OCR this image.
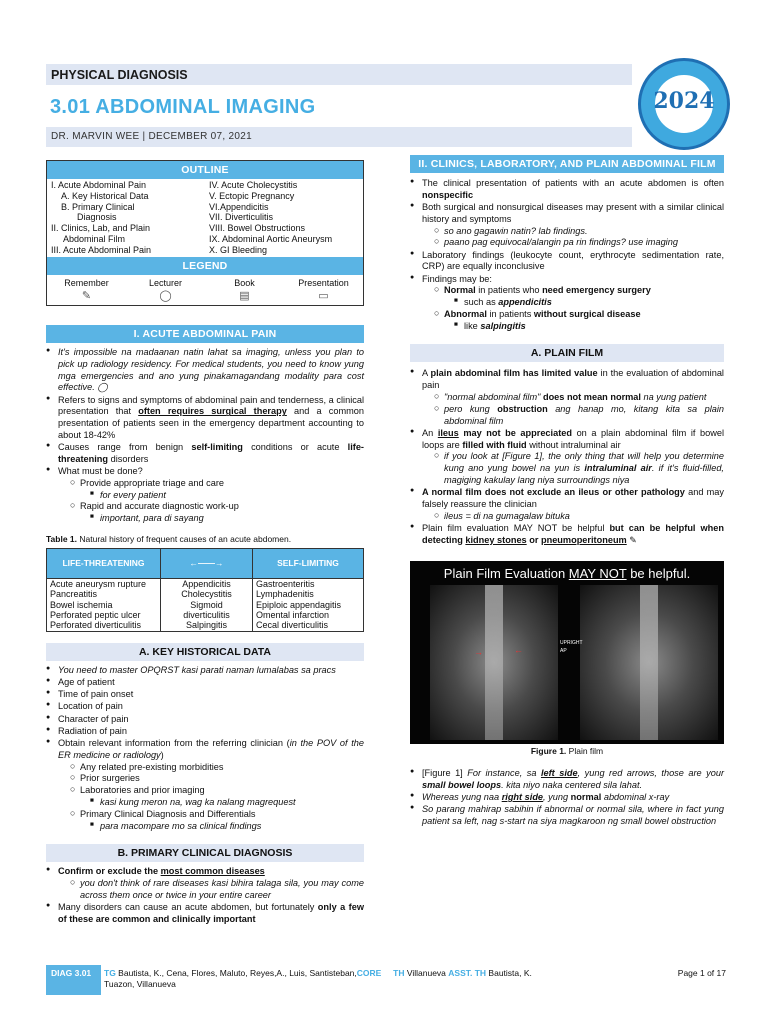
PHYSICAL DIAGNOSIS
3.01 ABDOMINAL IMAGING
DR. MARVIN WEE | DECEMBER 07, 2021
2024
OUTLINE
I. Acute Abdominal Pain
A. Key Historical Data
B. Primary Clinical
Diagnosis
II. Clinics, Lab, and Plain
Abdominal Film
III. Acute Abdominal Pain
IV. Acute Cholecystitis
V. Ectopic Pregnancy
VI.Appendicitis
VII. Diverticulitis
VIII. Bowel Obstructions
IX. Abdominal Aortic Aneurysm
X. GI Bleeding
LEGEND
Remember
✎
Lecturer
◯
Book
▤
Presentation
▭
I. ACUTE ABDOMINAL PAIN
● It's impossible na madaanan natin lahat sa imaging, unless you plan to pick up radiology residency. For medical students, you need to know yung mga emergencies and ano yung pinakamagandang modality para cost effective. ◯
● Refers to signs and symptoms of abdominal pain and tenderness, a clinical presentation that often requires surgical therapy and a common presentation of patients seen in the emergency department accounting to about 18-42%
● Causes range from benign self-limiting conditions or acute life-threatening disorders
● What must be done?
○ Provide appropriate triage and care
■ for every patient
○ Rapid and accurate diagnostic work-up
■ important, para di sayang
Table 1. Natural history of frequent causes of an acute abdomen.
LIFE-THREATENING	←——→	SELF-LIMITING
Acute aneurysm rupture	Appendicitis	Gastroenteritis
Pancreatitis	Cholecystitis	Lymphadenitis
Bowel ischemia	Sigmoid	Epiploic appendagitis
Perforated peptic ulcer	diverticulitis	Omental infarction
Perforated diverticulitis	Salpingitis	Cecal diverticulitis
A. KEY HISTORICAL DATA
● You need to master OPQRST kasi parati naman lumalabas sa pracs
● Age of patient
● Time of pain onset
● Location of pain
● Character of pain
● Radiation of pain
● Obtain relevant information from the referring clinician (in the POV of the ER medicine or radiology)
○ Any related pre-existing morbidities
○ Prior surgeries
○ Laboratories and prior imaging
■ kasi kung meron na, wag ka nalang magrequest
○ Primary Clinical Diagnosis and Differentials
■ para macompare mo sa clinical findings
B. PRIMARY CLINICAL DIAGNOSIS
● Confirm or exclude the most common diseases
○ you don't think of rare diseases kasi bihira talaga sila, you may come across them once or twice in your entire career
● Many disorders can cause an acute abdomen, but fortunately only a few of these are common and clinically important
II. CLINICS, LABORATORY, AND PLAIN ABDOMINAL FILM
● The clinical presentation of patients with an acute abdomen is often nonspecific
● Both surgical and nonsurgical diseases may present with a similar clinical history and symptoms
○ so ano gagawin natin? lab findings.
○ paano pag equivocal/alangin pa rin findings? use imaging
● Laboratory findings (leukocyte count, erythrocyte sedimentation rate, CRP) are equally inconclusive
● Findings may be:
○ Normal in patients who need emergency surgery
■ such as appendicitis
○ Abnormal in patients without surgical disease
■ like salpingitis
A. PLAIN FILM
● A plain abdominal film has limited value in the evaluation of abdominal pain
○ "normal abdominal film" does not mean normal na yung patient
○ pero kung obstruction ang hanap mo, kitang kita sa plain abdominal film
● An ileus may not be appreciated on a plain abdominal film if bowel loops are filled with fluid without intraluminal air
○ if you look at [Figure 1], the only thing that will help you determine kung ano yung bowel na yun is intraluminal air. if it's fluid-filled, magiging kakulay lang niya surroundings niya
● A normal film does not exclude an ileus or other pathology and may falsely reassure the clinician
○ ileus = di na gumagalaw bituka
● Plain film evaluation MAY NOT be helpful but can be helpful when detecting kidney stones or pneumoperitoneum ✎
Plain Film Evaluation MAY NOT be helpful.
→	←
UPRIGHT
AP
Figure 1. Plain film
● [Figure 1] For instance, sa left side, yung red arrows, those are your small bowel loops. kita niyo naka centered sila lahat.
● Whereas yung naa right side, yung normal abdominal x-ray
● So parang mahirap sabihin if abnormal or normal sila, where in fact yung patient sa left, nag s-start na siya magkaroon ng small bowel obstruction
DIAG 3.01	TG Bautista, K., Cena, Flores, Maluto, Reyes,A., Luis, Santisteban,CORE TH Villanueva ASST. TH Bautista, K.
Tuazon, Villanueva
Page 1 of 17
